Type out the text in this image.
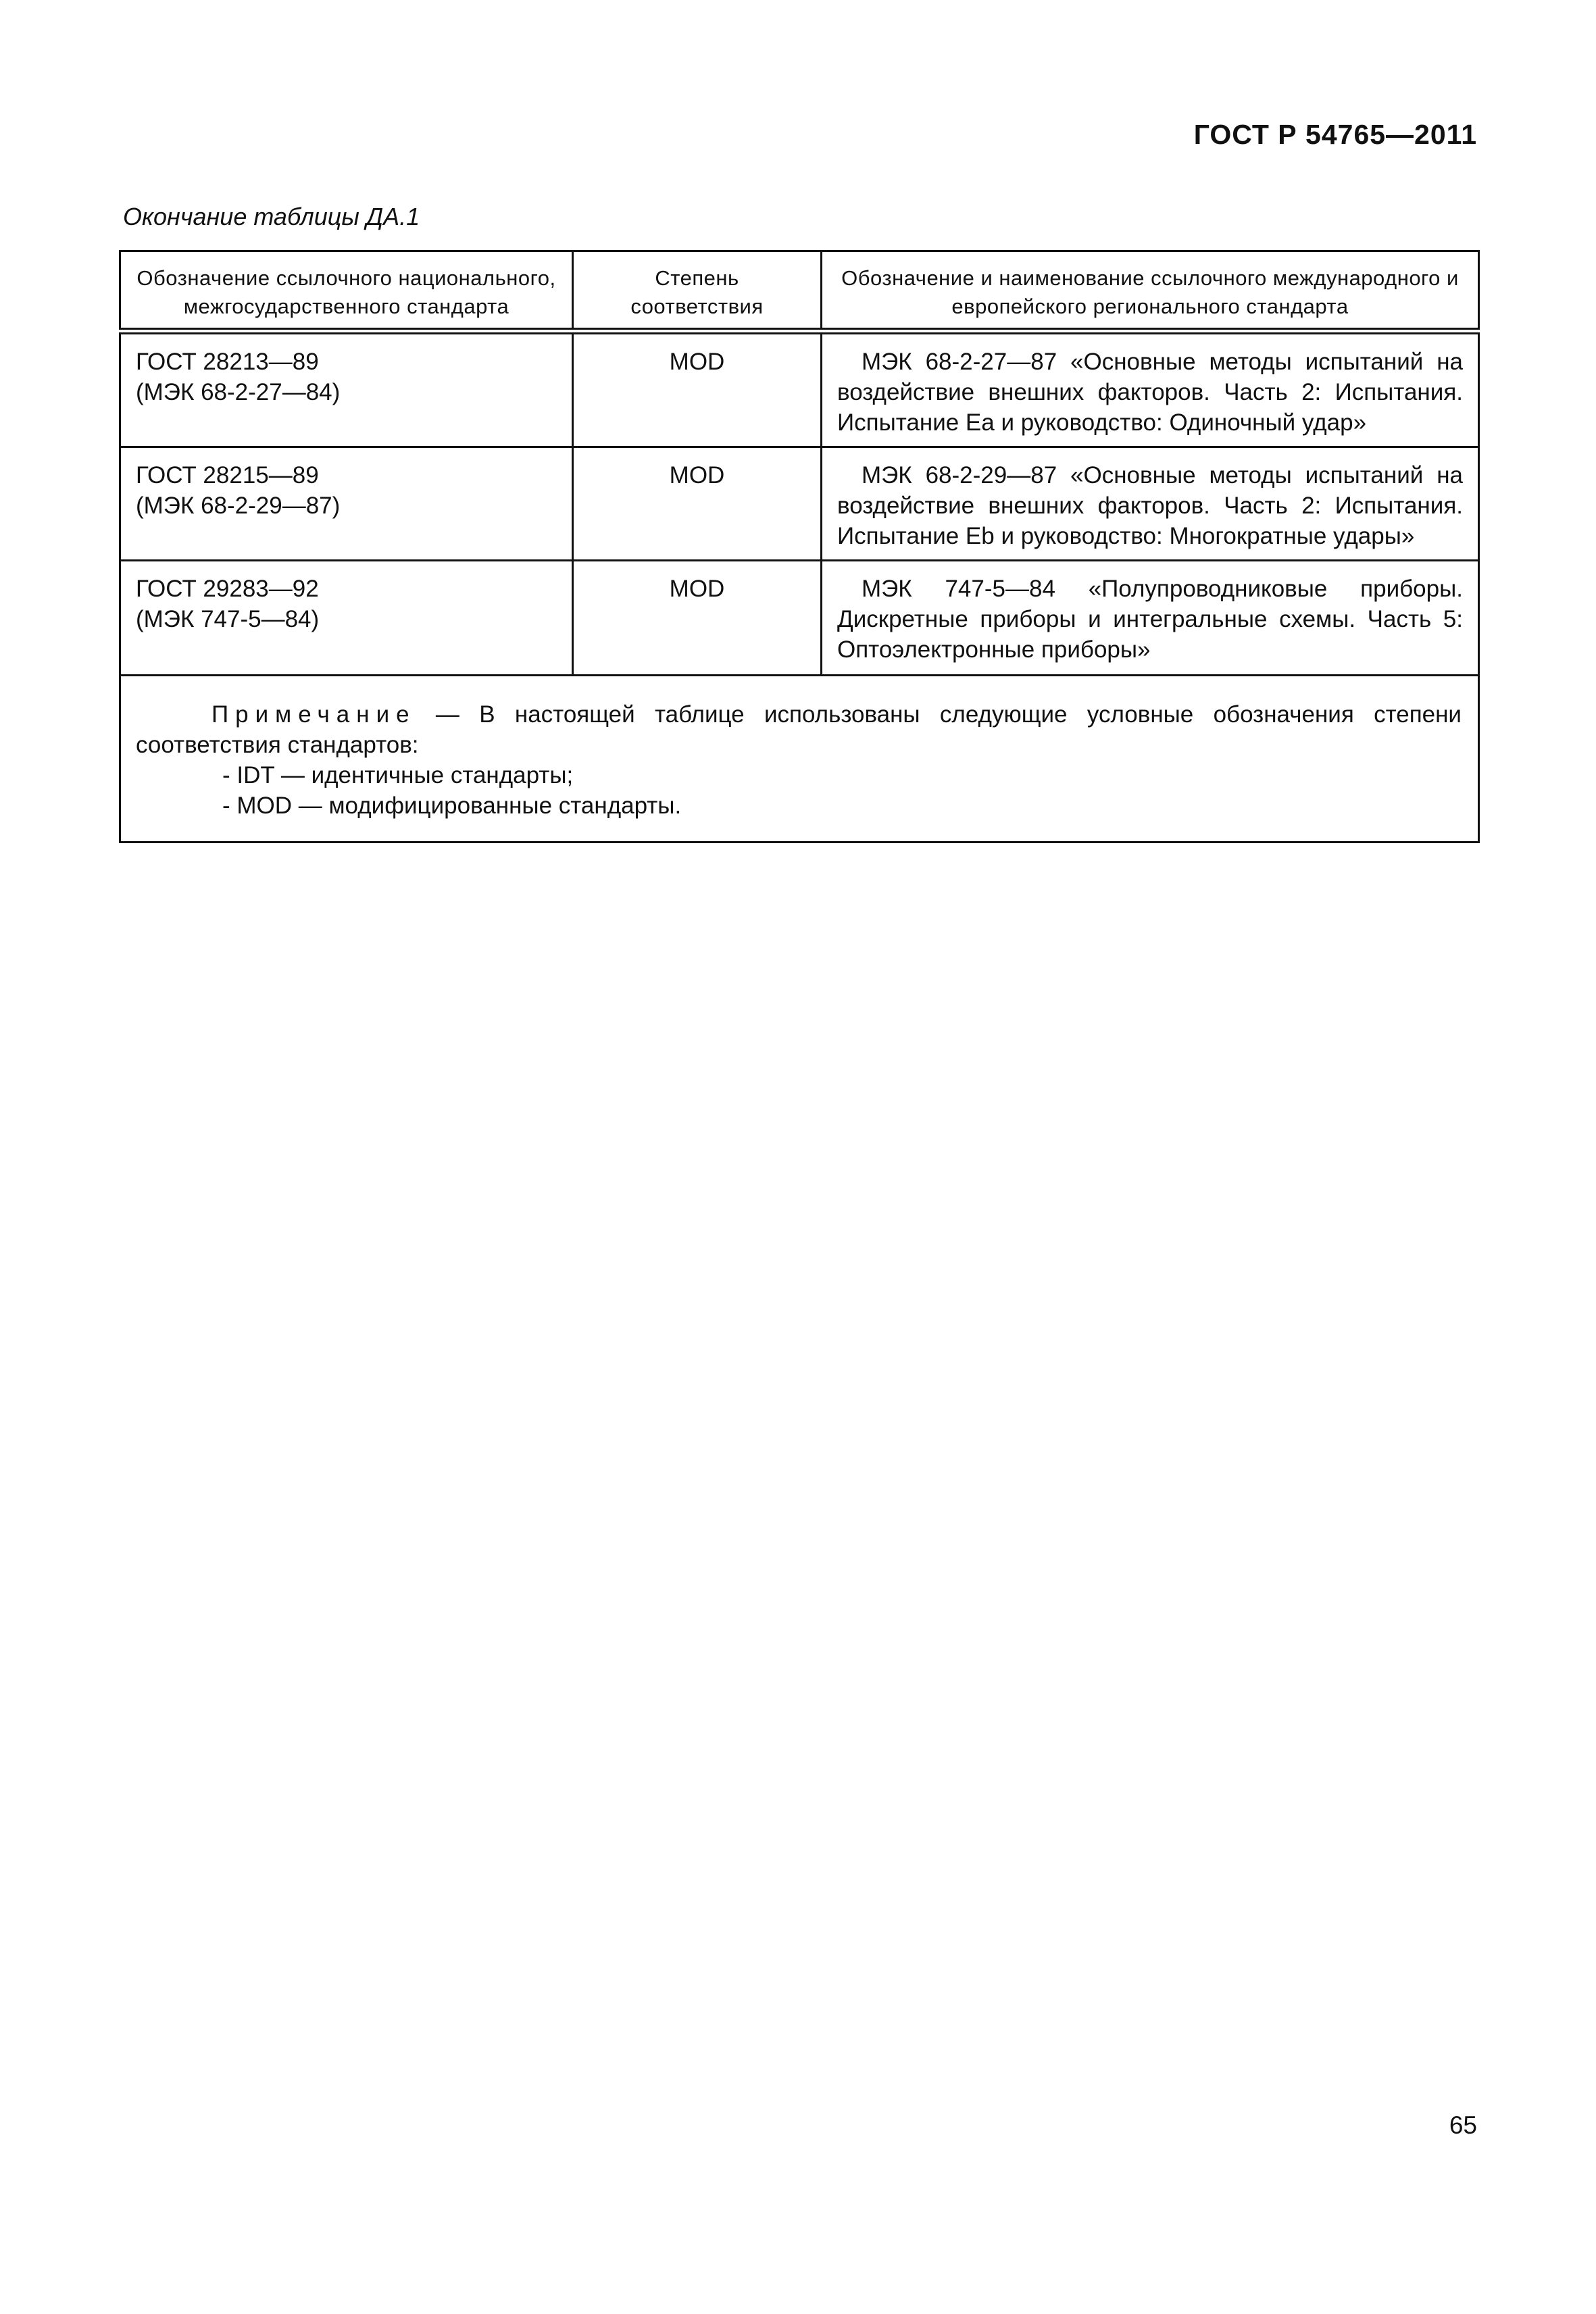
ГОСТ Р 54765—2011
Окончание таблицы ДА.1
Обозначение ссылочного национального, межгосударственного стандарта	Степень соответствия	Обозначение и наименование ссылочного международного и европейского регионального стандарта

ГОСТ 28213—89
(МЭК 68-2-27—84)	MOD	МЭК 68-2-27—87 «Основные методы испытаний на воздействие внешних факторов. Часть 2: Испытания. Испытание Еа и руководство: Одиночный удар»

ГОСТ 28215—89
(МЭК 68-2-29—87)	MOD	МЭК 68-2-29—87 «Основные методы испытаний на воздействие внешних факторов. Часть 2: Испытания. Испытание Eb и руководство: Многократные удары»

ГОСТ 29283—92
(МЭК 747-5—84)	MOD	МЭК 747-5—84 «Полупроводниковые приборы. Дискретные приборы и интегральные схемы. Часть 5: Оптоэлектронные приборы»

Примечание — В настоящей таблице использованы следующие условные обозначения степени соответствия стандартов:

- IDT — идентичные стандарты;

- MOD — модифицированные стандарты.		

65
